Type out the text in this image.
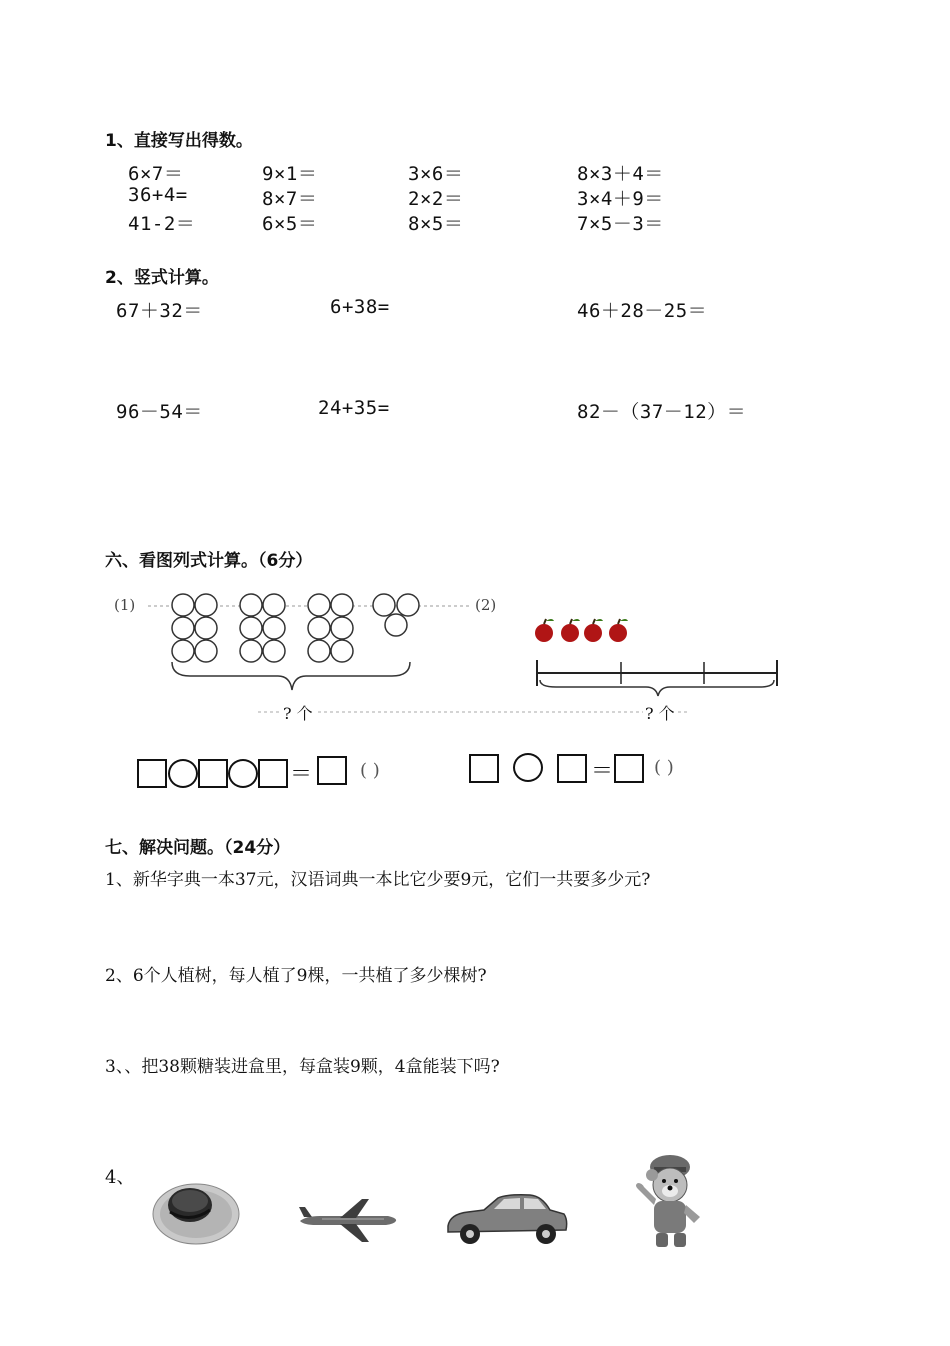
1、直接写出得数。
6×7＝	9×1＝	3×6＝	8×3＋4＝
36+4=	8×7＝	2×2＝	3×4＋9＝
41-2＝	6×5＝	8×5＝	7×5－3＝
2、竖式计算。
67＋32＝	6+38=	46＋28－25＝
96－54＝	24+35=	82－（37－12）＝
六、看图列式计算。（6分）
(1)	(2)
? 个	? 个
＝	( )	＝ ( )
七、解决问题。（24分）
1、新华字典一本37元，汉语词典一本比它少要9元，它们一共要多少元?
2、6个人植树，每人植了9棵，一共植了多少棵树?
3、、把38颗糖装进盒里，每盒装9颗，4盒能装下吗?
4、
